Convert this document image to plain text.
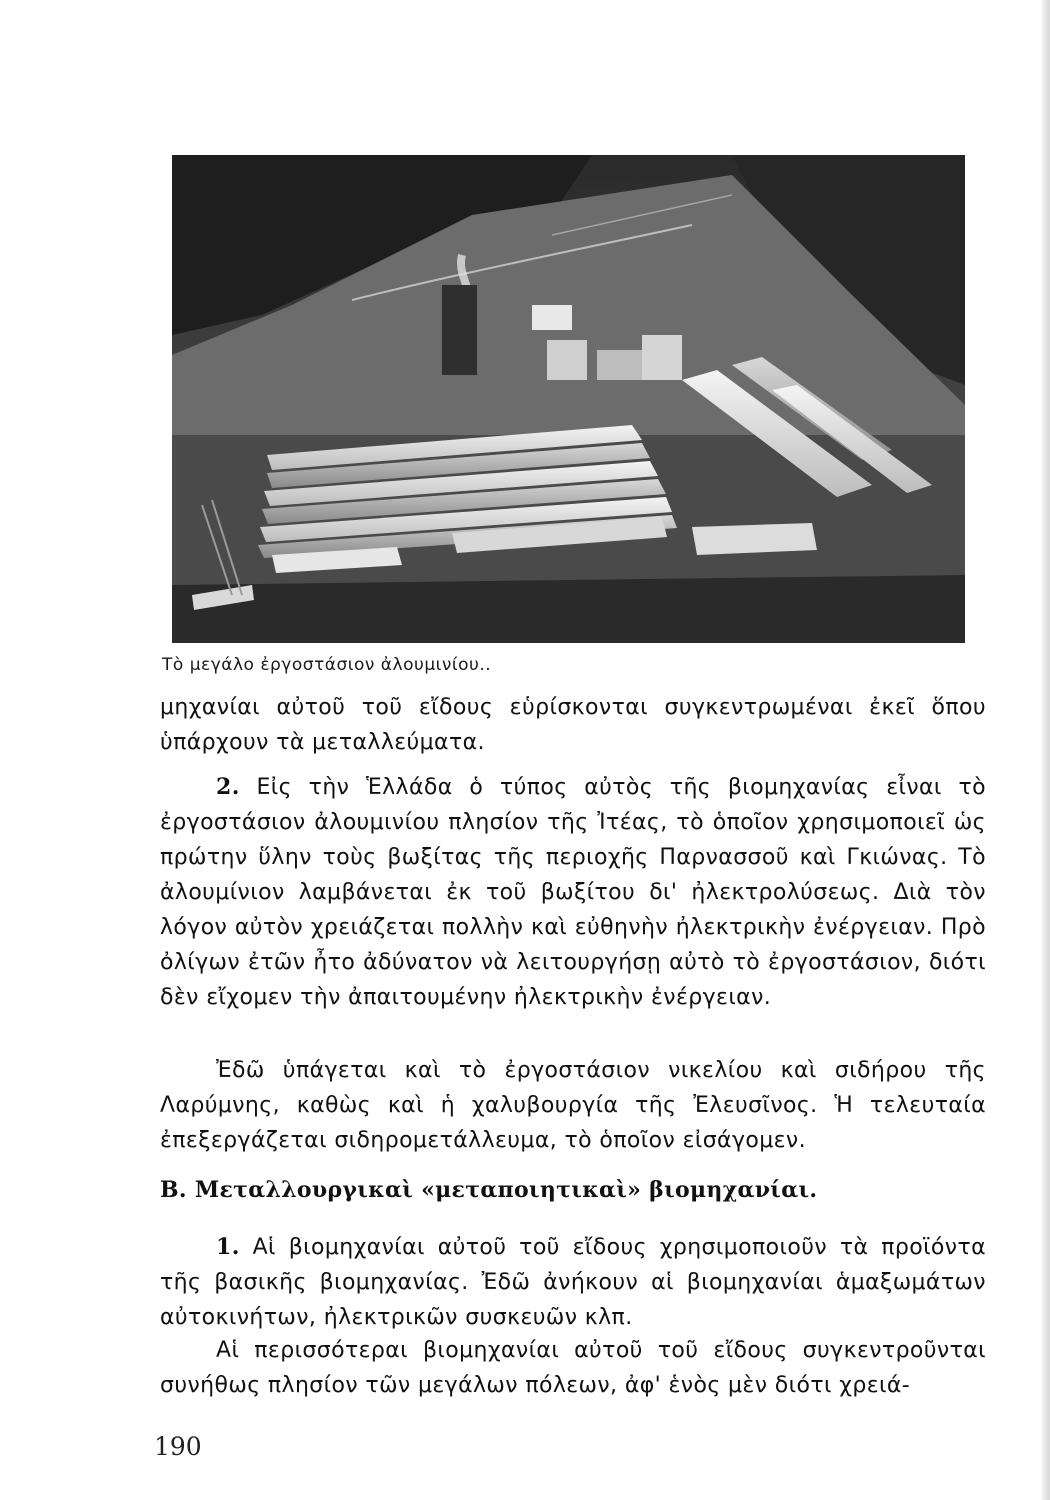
Τὸ μεγάλο ἐργοστάσιον ἀλουμινίου..

μηχανίαι αὐτοῦ τοῦ εἴδους εὑρίσκονται συγκεντρωμέναι ἐκεῖ ὅπου ὑπάρχουν τὰ μεταλλεύματα.

2. Εἰς τὴν Ἑλλάδα ὁ τύπος αὐτὸς τῆς βιομηχανίας εἶναι τὸ ἐργοστάσιον ἀλουμινίου πλησίον τῆς Ἰτέας, τὸ ὁποῖον χρησιμοποιεῖ ὡς πρώτην ὕλην τοὺς βωξίτας τῆς περιοχῆς Παρνασσοῦ καὶ Γκιώνας. Τὸ ἀλουμίνιον λαμβάνεται ἐκ τοῦ βωξίτου δι' ἠλεκτρολύσεως. Διὰ τὸν λόγον αὐτὸν χρειάζεται πολλὴν καὶ εὐθηνὴν ἠλεκτρικὴν ἐνέργειαν. Πρὸ ὀλίγων ἐτῶν ἦτο ἀδύνατον νὰ λειτουργήσῃ αὐτὸ τὸ ἐργοστάσιον, διότι δὲν εἴχομεν τὴν ἀπαιτουμένην ἠλεκτρικὴν ἐνέργειαν.

Ἐδῶ ὑπάγεται καὶ τὸ ἐργοστάσιον νικελίου καὶ σιδήρου τῆς Λαρύμνης, καθὼς καὶ ἡ χαλυβουργία τῆς Ἐλευσῖνος. Ἡ τελευταία ἐπεξεργάζεται σιδηρομετάλλευμα, τὸ ὁποῖον εἰσάγομεν.

Β. Μεταλλουργικαὶ «μεταποιητικαὶ» βιομηχανίαι.

1. Αἱ βιομηχανίαι αὐτοῦ τοῦ εἴδους χρησιμοποιοῦν τὰ προϊόντα τῆς βασικῆς βιομηχανίας. Ἐδῶ ἀνήκουν αἱ βιομηχανίαι ἁμαξωμάτων αὐτοκινήτων, ἠλεκτρικῶν συσκευῶν κλπ.

Αἱ περισσότεραι βιομηχανίαι αὐτοῦ τοῦ εἴδους συγκεντροῦνται συνήθως πλησίον τῶν μεγάλων πόλεων, ἀφ' ἑνὸς μὲν διότι χρειά-

190
